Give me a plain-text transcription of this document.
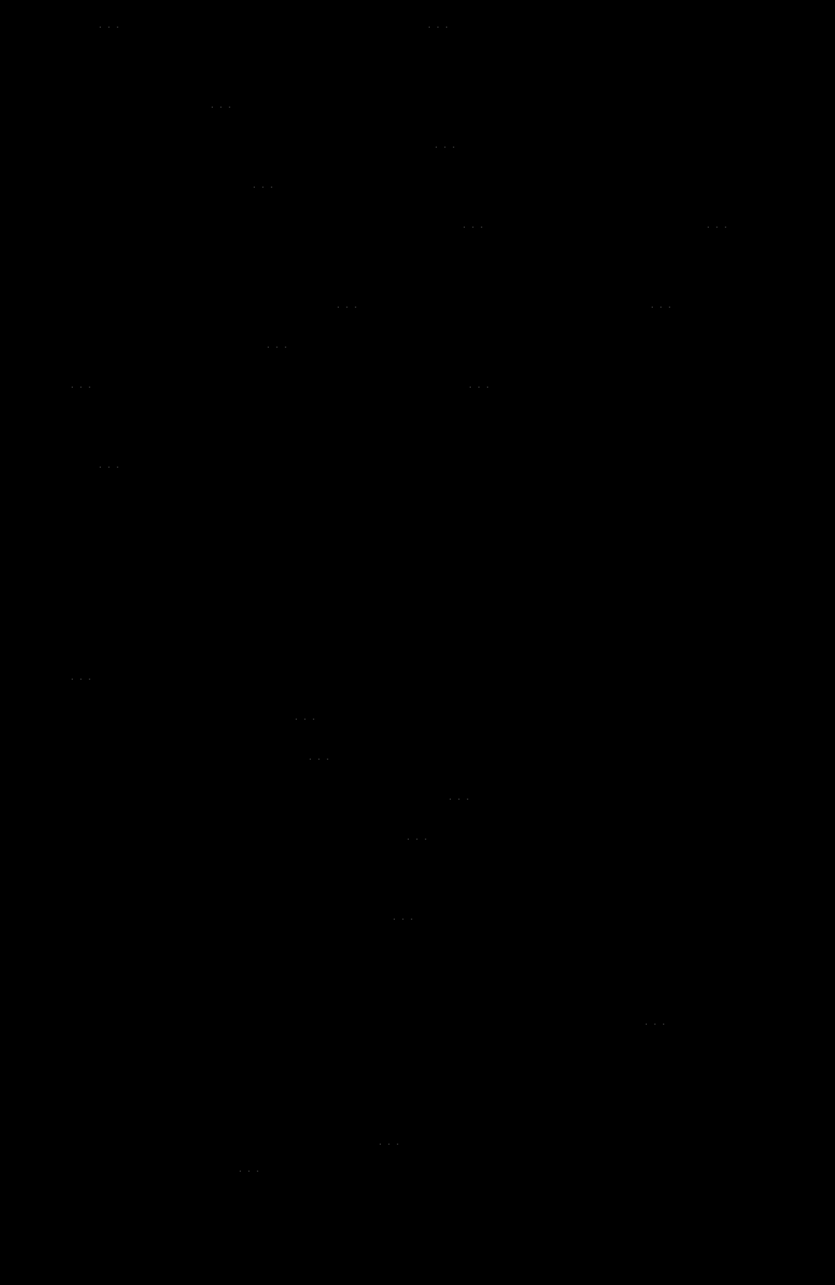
...	...
...
...
...
...	...
...	...
...
...	...
...
...
...
...
...
...
...
...
...
...
